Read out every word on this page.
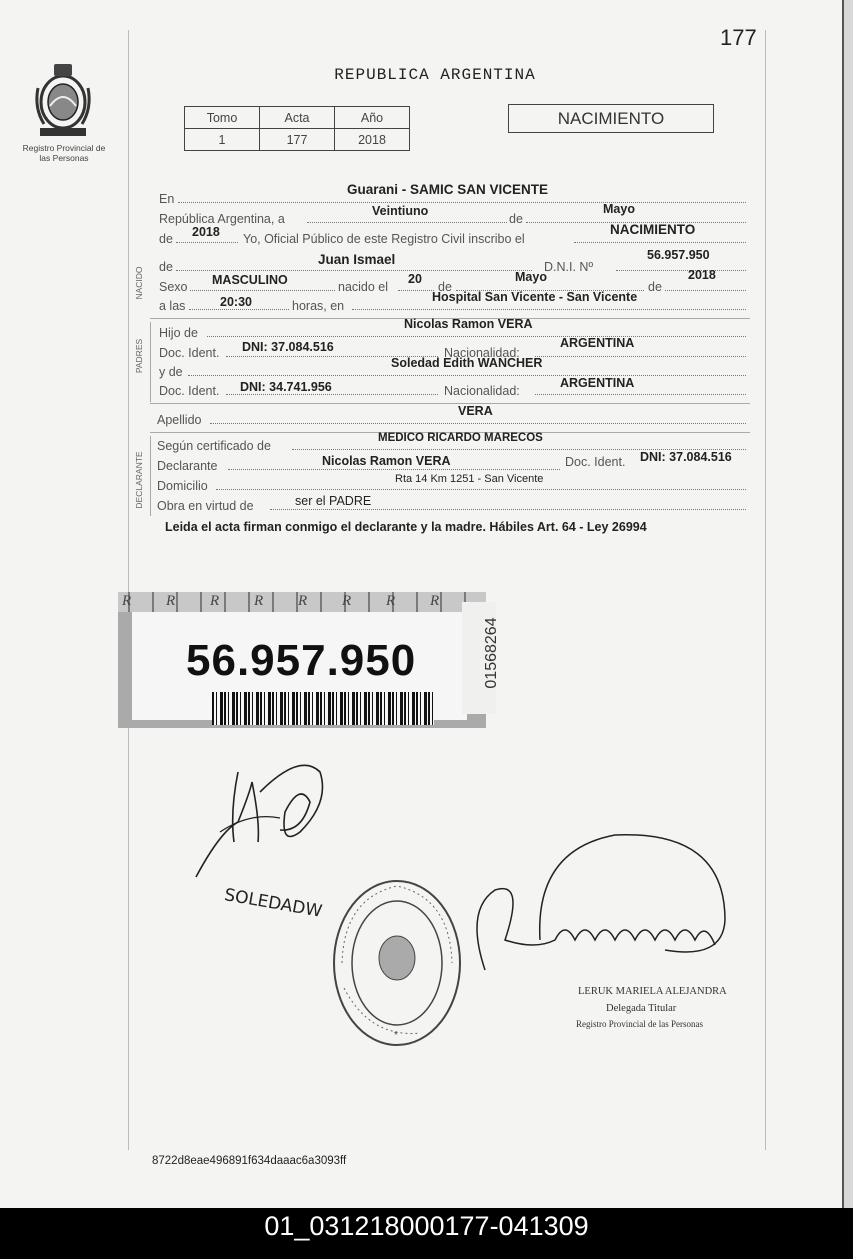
177
Registro Provincial de las Personas
REPUBLICA ARGENTINA
Tomo	Acta	Año
1	177	2018
NACIMIENTO
En
Guarani - SAMIC SAN VICENTE
República Argentina, a
Veintiuno
de
Mayo
de 2018 Yo, Oficial Público de este Registro Civil inscribo el
NACIMIENTO
NACIDO de	Juan Ismael	D.N.I. Nº
56.957.950
Sexo MASCULINO	nacido el
20
de
Mayo
de
2018
a las	20:30	horas, en
Hospital San Vicente - San Vicente
PADRES
Hijo de
Nicolas Ramon VERA
Doc. Ident. DNI: 37.084.516	Nacionalidad:
ARGENTINA
y de
Soledad Edith WANCHER
Doc. Ident. DNI: 34.741.956	Nacionalidad:
ARGENTINA
Apellido
VERA
DECLARANTE
Según certificado de
MEDICO RICARDO MARECOS
Declarante	Nicolas Ramon VERA	Doc. Ident. DNI: 37.084.516
Domicilio	Rta 14 Km 1251 - San Vicente
Obra en virtud de	ser el PADRE
Leida el acta firman conmigo el declarante y la madre. Hábiles Art. 64 - Ley 26994
R R R R R R R R
56.957.950	01568264
SOLEDADW
*
LERUK MARIELA ALEJANDRA
Delegada Titular
Registro Provincial de las Personas
8722d8eae496891f634daaac6a3093ff
01_031218000177-041309
